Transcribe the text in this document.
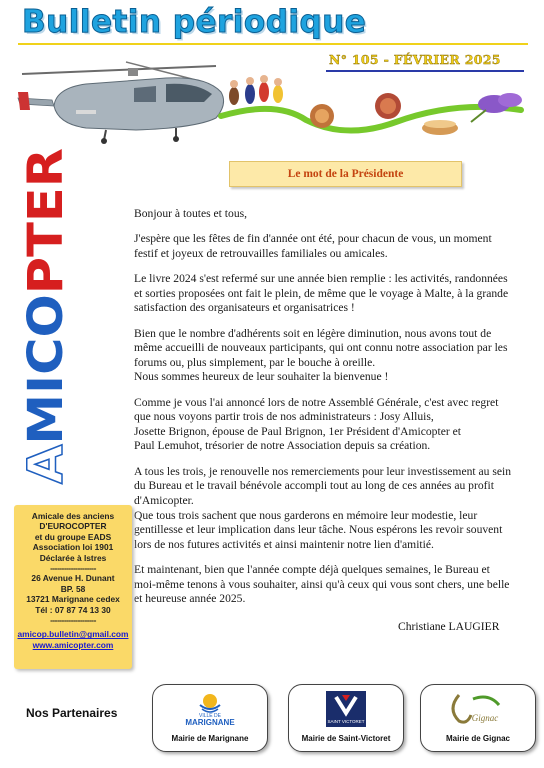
Bulletin périodique
N° 105 - FÉVRIER 2025
AMICOPTER	Le mot de la Présidente

Bonjour à toutes et tous,

J'espère que les fêtes de fin d'année ont été, pour chacun de vous, un moment festif et joyeux de retrouvailles familiales ou amicales.

Le livre 2024 s'est refermé sur une année bien remplie : les activités, randonnées et sorties proposées ont fait le plein, de même que le voyage à Malte, à la grande satisfaction des organisateurs et organisatrices !

Bien que le nombre d'adhérents soit en légère diminution, nous avons tout de même accueilli de nouveaux participants, qui ont connu notre association par les forums ou, plus simplement, par le bouche à oreille.
Nous sommes heureux de leur souhaiter la bienvenue !

Comme je vous l'ai annoncé lors de notre Assemblé Générale, c'est avec regret que nous voyons partir trois de nos administrateurs : Josy Alluis,
Josette Brignon, épouse de Paul Brignon, 1er Président d'Amicopter et
Paul Lemuhot, trésorier de notre Association depuis sa création.

A tous les trois, je renouvelle nos remerciements pour leur investissement au sein du Bureau et le travail bénévole accompli tout au long de ces années au profit d'Amicopter.
Que tous trois sachent que nous garderons en mémoire leur modestie, leur gentillesse et leur implication dans leur tâche. Nous espérons les revoir souvent lors de nos futures activités et ainsi maintenir notre lien d'amitié.

Et maintenant, bien que l'année compte déjà quelques semaines, le Bureau et moi-même tenons à vous souhaiter, ainsi qu'à ceux qui vous sont chers, une belle et heureuse année 2025.

Christiane LAUGIER
Amicale des anciens
D'EUROCOPTER
et du groupe EADS
Association loi 1901
Déclarée à Istres
--------------------
26 Avenue H. Dunant
BP. 58
13721 Marignane cedex
Tél : 07 87 74 13 30
--------------------
amicop.bulletin@gmail.com
www.amicopter.com
Nos Partenaires	VILLE DE
MARIGNANE
Mairie de Marignane
SAINT VICTORET
Mairie de Saint-Victoret
Gignac
Mairie de Gignac
